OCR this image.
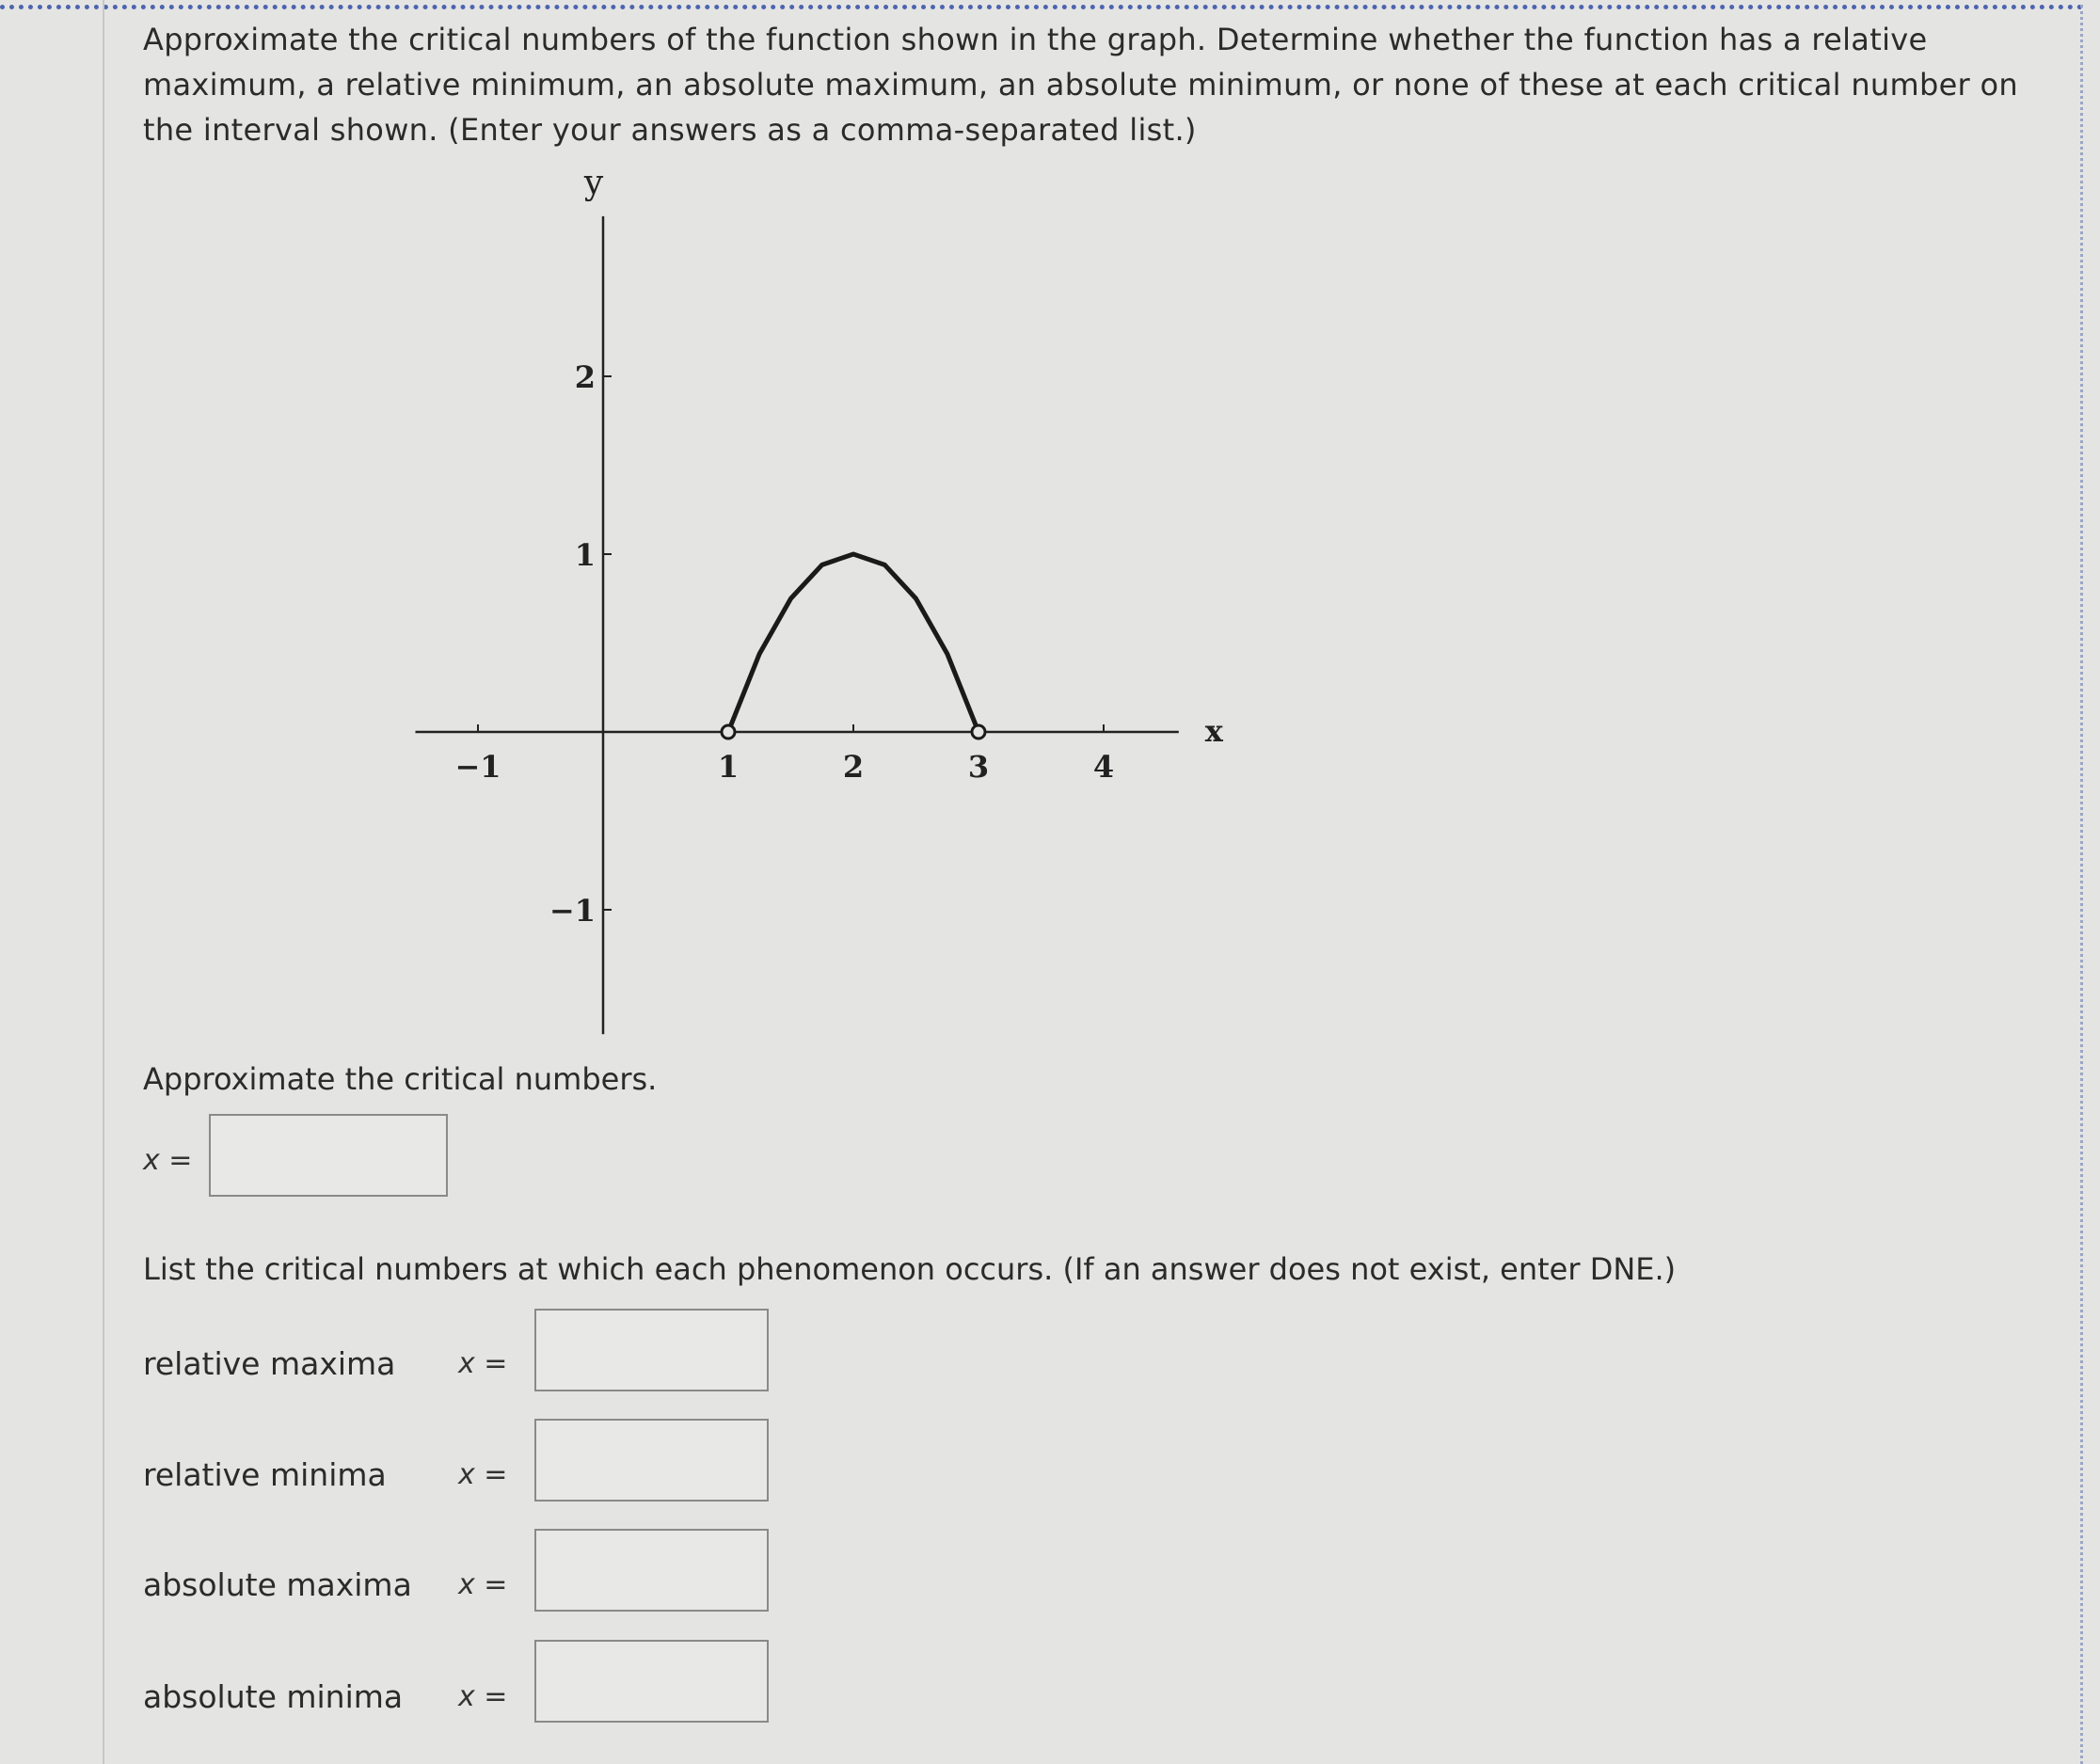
Approximate the critical numbers of the function shown in the graph. Determine whether the function has a relative maximum, a relative minimum, an absolute maximum, an absolute minimum, or none of these at each critical number on the interval shown. (Enter your answers as a comma-separated list.)

x
y
−1	1	2	3	4
2
1
−1

Approximate the critical numbers.

x =

List the critical numbers at which each phenomenon occurs. (If an answer does not exist, enter DNE.)

relative maxima x =
relative minima	x =
absolute maxima x =
absolute minima x =
